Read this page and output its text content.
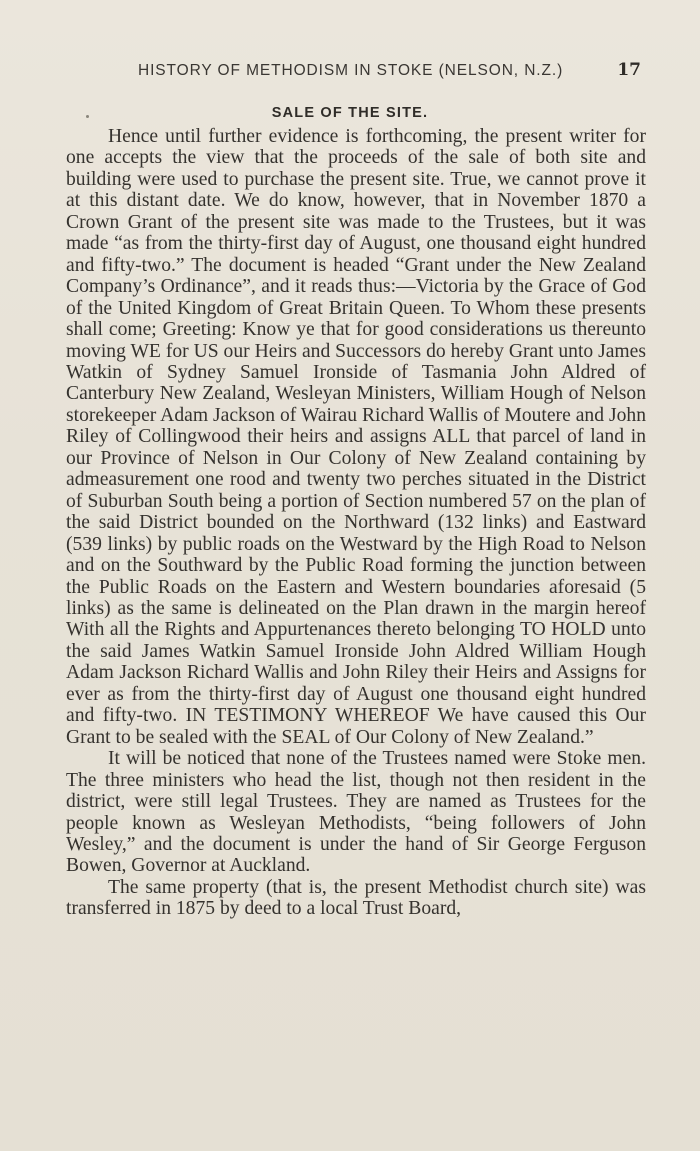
HISTORY OF METHODISM IN STOKE (NELSON, N.Z.)	17
SALE OF THE SITE.

Hence until further evidence is forthcoming, the present writer for one accepts the view that the proceeds of the sale of both site and building were used to purchase the present site. True, we cannot prove it at this distant date. We do know, however, that in November 1870 a Crown Grant of the present site was made to the Trustees, but it was made “as from the thirty-first day of August, one thousand eight hundred and fifty-two.” The document is headed “Grant under the New Zealand Company’s Ordinance”, and it reads thus:—Victoria by the Grace of God of the United Kingdom of Great Britain Queen. To Whom these presents shall come; Greeting: Know ye that for good considerations us thereunto moving WE for US our Heirs and Successors do hereby Grant unto James Watkin of Sydney Samuel Ironside of Tasmania John Aldred of Canterbury New Zealand, Wesleyan Ministers, William Hough of Nelson storekeeper Adam Jackson of Wairau Richard Wallis of Moutere and John Riley of Collingwood their heirs and assigns ALL that parcel of land in our Province of Nelson in Our Colony of New Zealand containing by admeasurement one rood and twenty two perches situated in the District of Suburban South being a portion of Section numbered 57 on the plan of the said District bounded on the Northward (132 links) and Eastward (539 links) by public roads on the Westward by the High Road to Nelson and on the Southward by the Public Road forming the junction between the Public Roads on the Eastern and Western boundaries aforesaid (5 links) as the same is delineated on the Plan drawn in the margin hereof With all the Rights and Appurtenances thereto belonging TO HOLD unto the said James Watkin Samuel Ironside John Aldred William Hough Adam Jackson Richard Wallis and John Riley their Heirs and Assigns for ever as from the thirty-first day of August one thousand eight hundred and fifty-two. IN TESTIMONY WHEREOF We have caused this Our Grant to be sealed with the SEAL of Our Colony of New Zealand.”

It will be noticed that none of the Trustees named were Stoke men. The three ministers who head the list, though not then resident in the district, were still legal Trustees. They are named as Trustees for the people known as Wesleyan Methodists, “being followers of John Wesley,” and the document is under the hand of Sir George Ferguson Bowen, Governor at Auckland.

The same property (that is, the present Methodist church site) was transferred in 1875 by deed to a local Trust Board,
